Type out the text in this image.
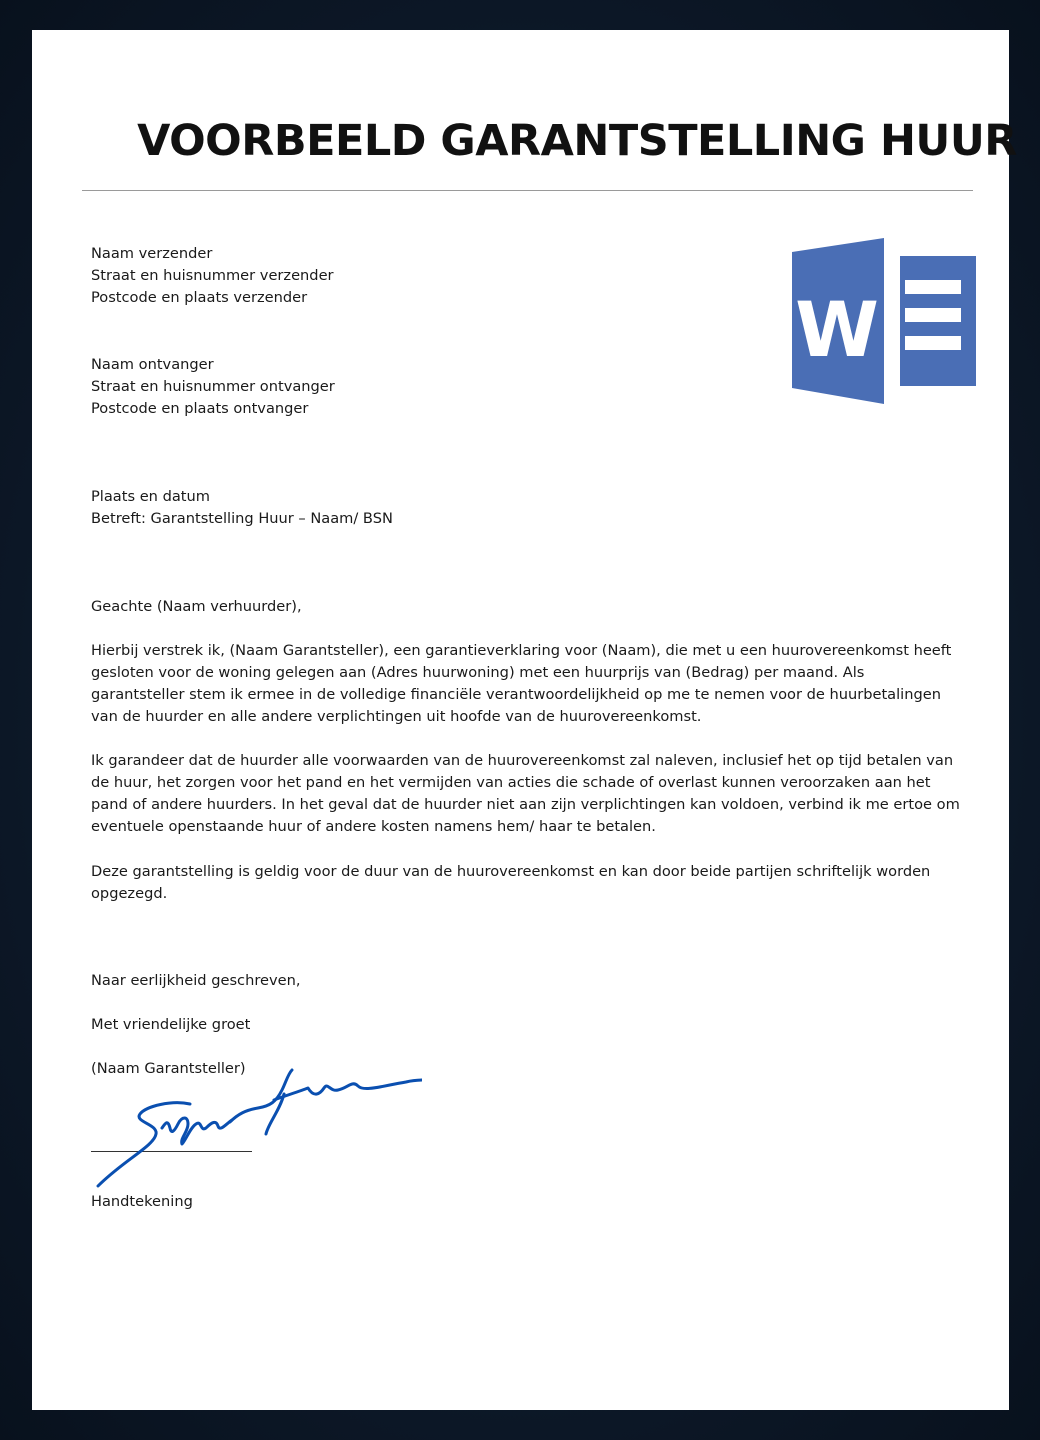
VOORBEELD GARANTSTELLING HUUR
W
Naam verzender
Straat en huisnummer verzender
Postcode en plaats verzender
Naam ontvanger
Straat en huisnummer ontvanger
Postcode en plaats ontvanger
Plaats en datum
Betreft: Garantstelling Huur – Naam/ BSN
Geachte (Naam verhuurder),
Hierbij verstrek ik, (Naam Garantsteller), een garantieverklaring voor (Naam), die met u een huurovereenkomst heeft gesloten voor de woning gelegen aan (Adres huurwoning) met een huurprijs van (Bedrag) per maand. Als garantsteller stem ik ermee in de volledige financiële verantwoordelijkheid op me te nemen voor de huurbetalingen van de huurder en alle andere verplichtingen uit hoofde van de huurovereenkomst.
Ik garandeer dat de huurder alle voorwaarden van de huurovereenkomst zal naleven, inclusief het op tijd betalen van de huur, het zorgen voor het pand en het vermijden van acties die schade of overlast kunnen veroorzaken aan het pand of andere huurders. In het geval dat de huurder niet aan zijn verplichtingen kan voldoen, verbind ik me ertoe om eventuele openstaande huur of andere kosten namens hem/ haar te betalen.
Deze garantstelling is geldig voor de duur van de huurovereenkomst en kan door beide partijen schriftelijk worden opgezegd.
Naar eerlijkheid geschreven,
Met vriendelijke groet
(Naam Garantsteller)
Signature
Handtekening
